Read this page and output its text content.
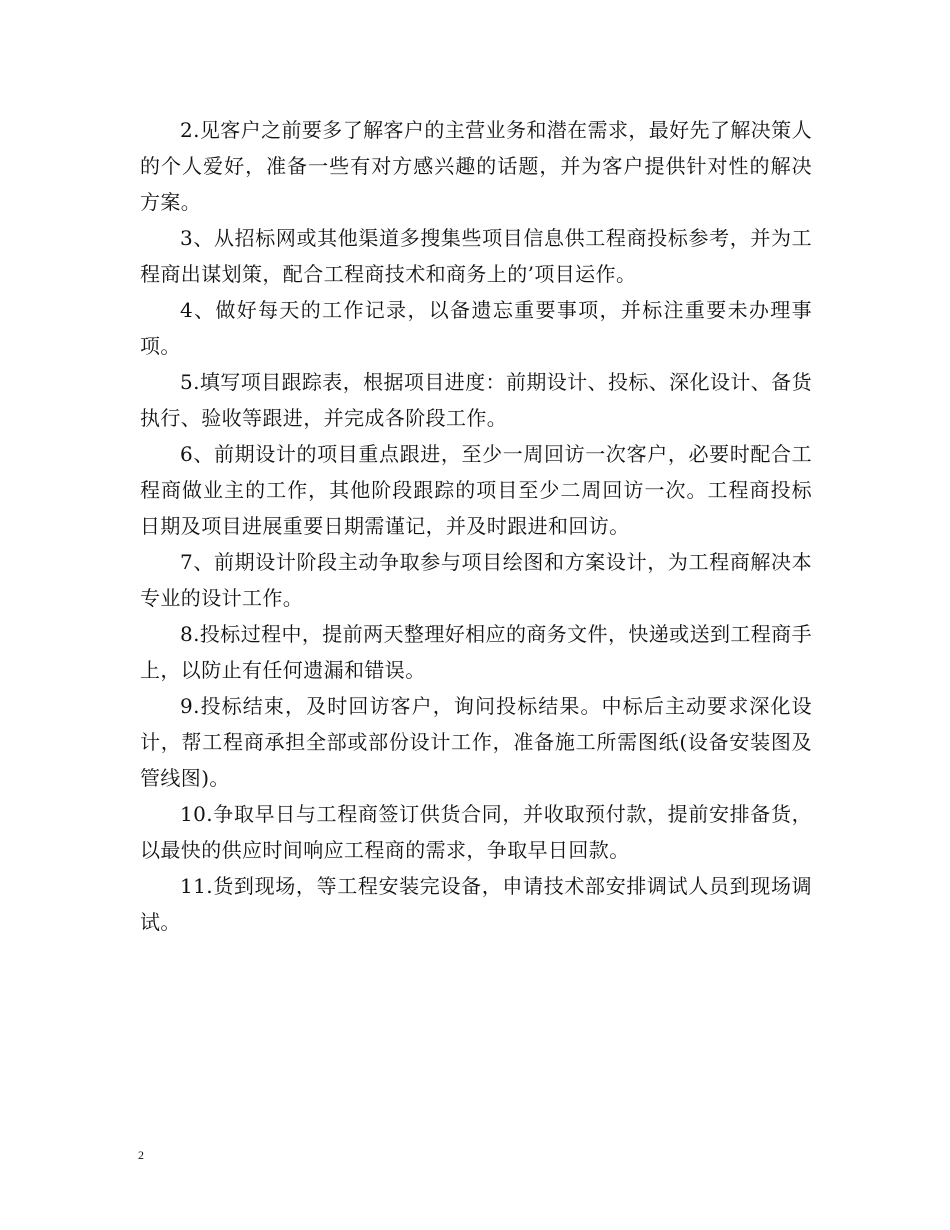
2.见客户之前要多了解客户的主营业务和潜在需求，最好先了解决策人的个人爱好，准备一些有对方感兴趣的话题，并为客户提供针对性的解决方案。

3、从招标网或其他渠道多搜集些项目信息供工程商投标参考，并为工程商出谋划策，配合工程商技术和商务上的’项目运作。

4、做好每天的工作记录，以备遗忘重要事项，并标注重要未办理事项。

5.填写项目跟踪表，根据项目进度：前期设计、投标、深化设计、备货执行、验收等跟进，并完成各阶段工作。

6、前期设计的项目重点跟进，至少一周回访一次客户，必要时配合工程商做业主的工作，其他阶段跟踪的项目至少二周回访一次。工程商投标日期及项目进展重要日期需谨记，并及时跟进和回访。

7、前期设计阶段主动争取参与项目绘图和方案设计，为工程商解决本专业的设计工作。

8.投标过程中，提前两天整理好相应的商务文件，快递或送到工程商手上，以防止有任何遗漏和错误。

9.投标结束，及时回访客户，询问投标结果。中标后主动要求深化设计，帮工程商承担全部或部份设计工作，准备施工所需图纸(设备安装图及管线图)。

10.争取早日与工程商签订供货合同，并收取预付款，提前安排备货，以最快的供应时间响应工程商的需求，争取早日回款。

11.货到现场，等工程安装完设备，申请技术部安排调试人员到现场调试。

2
